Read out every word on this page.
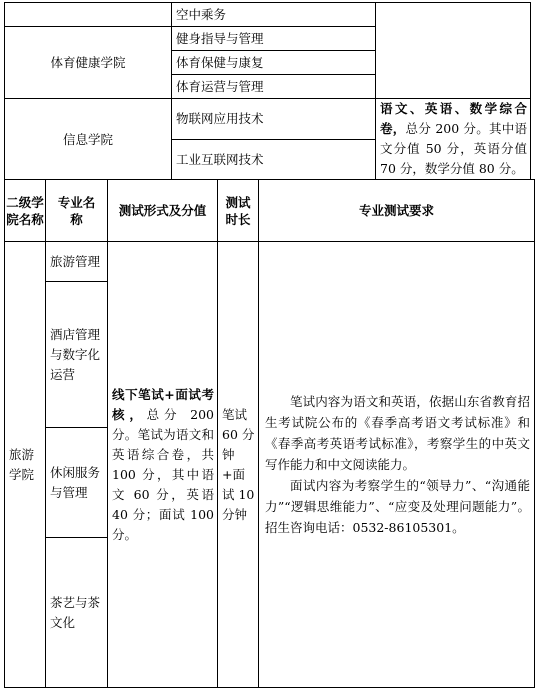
	空中乘务	
体育健康学院	健身指导与管理	
	体育保健与康复	
	体育运营与管理	
信息学院	物联网应用技术	语文、英语、数学综合卷，总分 200 分。其中语文分值 50 分，英语分值 70 分，数学分值 80 分。
	工业互联网技术	
二级学院名称	专业名称	测试形式及分值	测试时长	专业测试要求
旅游学院	旅游管理	线下笔试+面试考核，总分 200 分。笔试为语文和英语综合卷，共 100 分，其中语文 60 分，英语 40 分；面试 100 分。	笔试 60 分钟+面试 10 分钟	笔试内容为语文和英语，依据山东省教育招生考试院公布的《春季高考语文考试标准》和《春季高考英语考试标准》，考察学生的中英文写作能力和中文阅读能力。

面试内容为考察学生的“领导力”、“沟通能力”“逻辑思维能力”、“应变及处理问题能力”。招生咨询电话：0532-86105301。

	酒店管理与数字化运营			
	休闲服务与管理			
	茶艺与茶文化			
